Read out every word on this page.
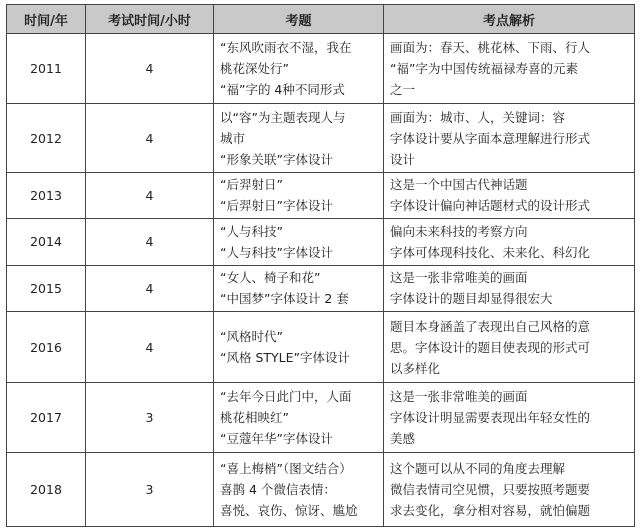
时间/年	考试时间/小时	考题	考点解析
2011	4	“东风吹雨衣不湿，我在
桃花深处行”
“福”字的 4种不同形式	画面为：春天、桃花林、下雨、行人
“福”字为中国传统福禄寿喜的元素
之一

2012	4	以“容”为主题表现人与
城市
“形象关联”字体设计	画面为：城市、人，关键词：容
字体设计要从字面本意理解进行形式
设计

2013	4	“后羿射日”
“后羿射日”字体设计	这是一个中国古代神话题
字体设计偏向神话题材式的设计形式

2014	4	“人与科技”
“人与科技”字体设计	偏向未来科技的考察方向
字体可体现科技化、未来化、科幻化

2015	4	“女人、椅子和花”
“中国梦”字体设计 2 套	这是一张非常唯美的画面
字体设计的题目却显得很宏大

2016	4	“风格时代”
“风格 STYLE”字体设计	题目本身涵盖了表现出自己风格的意
思。字体设计的题目使表现的形式可
以多样化

2017	3	“去年今日此门中，人面
桃花相映红”
“豆蔻年华”字体设计	这是一张非常唯美的画面
字体设计明显需要表现出年轻女性的
美感

2018	3	“喜上梅梢”（图文结合）
喜鹊 4 个微信表情：
喜悦、哀伤、惊讶、尴尬	这个题可以从不同的角度去理解
微信表情司空见惯，只要按照考题要
求去变化，拿分相对容易，就怕偏题
